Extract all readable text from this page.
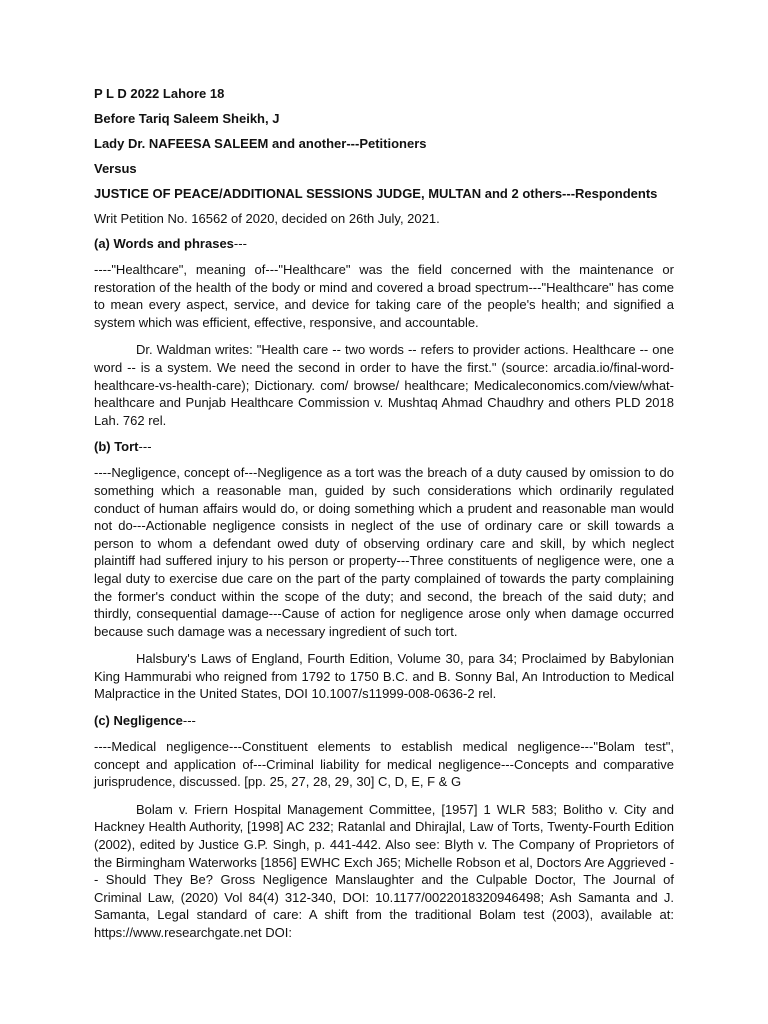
P L D 2022 Lahore 18

Before Tariq Saleem Sheikh, J

Lady Dr. NAFEESA SALEEM and another---Petitioners

Versus

JUSTICE OF PEACE/ADDITIONAL SESSIONS JUDGE, MULTAN and 2 others---Respondents

Writ Petition No. 16562 of 2020, decided on 26th July, 2021.

(a) Words and phrases---

----"Healthcare", meaning of---"Healthcare" was the field concerned with the maintenance or restoration of the health of the body or mind and covered a broad spectrum---"Healthcare" has come to mean every aspect, service, and device for taking care of the people's health; and signified a system which was efficient, effective, responsive, and accountable.

Dr. Waldman writes: "Health care -- two words -- refers to provider actions. Healthcare -- one word -- is a system. We need the second in order to have the first." (source: arcadia.io/final-word-healthcare-vs-health-care); Dictionary. com/ browse/ healthcare; Medicaleconomics.com/view/what-healthcare and Punjab Healthcare Commission v. Mushtaq Ahmad Chaudhry and others PLD 2018 Lah. 762 rel.

(b) Tort---

----Negligence, concept of---Negligence as a tort was the breach of a duty caused by omission to do something which a reasonable man, guided by such considerations which ordinarily regulated conduct of human affairs would do, or doing something which a prudent and reasonable man would not do---Actionable negligence consists in neglect of the use of ordinary care or skill towards a person to whom a defendant owed duty of observing ordinary care and skill, by which neglect plaintiff had suffered injury to his person or property---Three constituents of negligence were, one a legal duty to exercise due care on the part of the party complained of towards the party complaining the former's conduct within the scope of the duty; and second, the breach of the said duty; and thirdly, consequential damage---Cause of action for negligence arose only when damage occurred because such damage was a necessary ingredient of such tort.

Halsbury's Laws of England, Fourth Edition, Volume 30, para 34; Proclaimed by Babylonian King Hammurabi who reigned from 1792 to 1750 B.C. and B. Sonny Bal, An Introduction to Medical Malpractice in the United States, DOI 10.1007/s11999-008-0636-2 rel.

(c) Negligence---

----Medical negligence---Constituent elements to establish medical negligence---"Bolam test", concept and application of---Criminal liability for medical negligence---Concepts and comparative jurisprudence, discussed. [pp. 25, 27, 28, 29, 30] C, D, E, F & G

Bolam v. Friern Hospital Management Committee, [1957] 1 WLR 583; Bolitho v. City and Hackney Health Authority, [1998] AC 232; Ratanlal and Dhirajlal, Law of Torts, Twenty-Fourth Edition (2002), edited by Justice G.P. Singh, p. 441-442. Also see: Blyth v. The Company of Proprietors of the Birmingham Waterworks [1856] EWHC Exch J65; Michelle Robson et al, Doctors Are Aggrieved -- Should They Be? Gross Negligence Manslaughter and the Culpable Doctor, The Journal of Criminal Law, (2020) Vol 84(4) 312-340, DOI: 10.1177/0022018320946498; Ash Samanta and J. Samanta, Legal standard of care: A shift from the traditional Bolam test (2003), available at: https://www.researchgate.net DOI:
